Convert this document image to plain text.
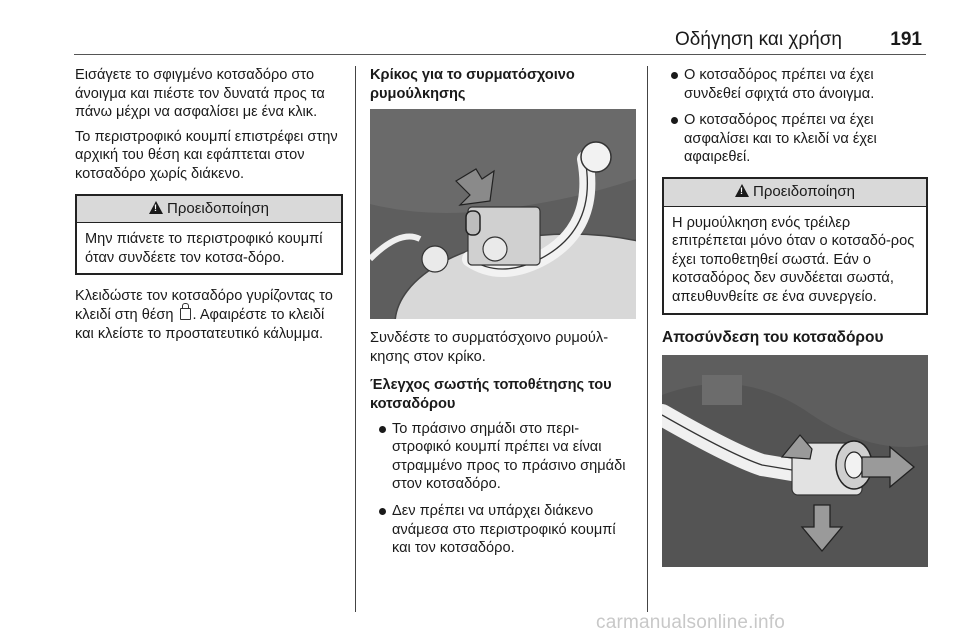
Οδήγηση και χρήση	191

Εισάγετε το σφιγμένο κοτσαδόρο στο άνοιγμα και πιέστε τον δυνατά προς τα πάνω μέχρι να ασφαλίσει με ένα κλικ.

Το περιστροφικό κουμπί επιστρέφει στην αρχική του θέση και εφάπτεται στον κοτσαδόρο χωρίς διάκενο.

!Προειδοποίηση
Μην πιάνετε το περιστροφικό κουμπί όταν συνδέετε τον κοτσα-δόρο.

Κλειδώστε τον κοτσαδόρο γυρίζοντας το κλειδί στη θέση . Αφαιρέστε το κλειδί και κλείστε το προστατευτικό κάλυμμα.

Κρίκος για το συρματόσχοινο ρυμούλκησης

Συνδέστε το συρματόσχοινο ρυμούλ-κησης στον κρίκο.

Έλεγχος σωστής τοποθέτησης του κοτσαδόρου

Το πράσινο σημάδι στο περι-στροφικό κουμπί πρέπει να είναι στραμμένο προς το πράσινο σημάδι στον κοτσαδόρο.
Δεν πρέπει να υπάρχει διάκενο ανάμεσα στο περιστροφικό κουμπί και τον κοτσαδόρο.
Ο κοτσαδόρος πρέπει να έχει συνδεθεί σφιχτά στο άνοιγμα.
Ο κοτσαδόρος πρέπει να έχει ασφαλίσει και το κλειδί να έχει αφαιρεθεί.
!Προειδοποίηση
Η ρυμούλκηση ενός τρέιλερ επιτρέπεται μόνο όταν ο κοτσαδό-ρος έχει τοποθετηθεί σωστά. Εάν ο κοτσαδόρος δεν συνδέεται σωστά, απευθυνθείτε σε ένα συνεργείο.
Αποσύνδεση του κοτσαδόρου
carmanualsonline.info
